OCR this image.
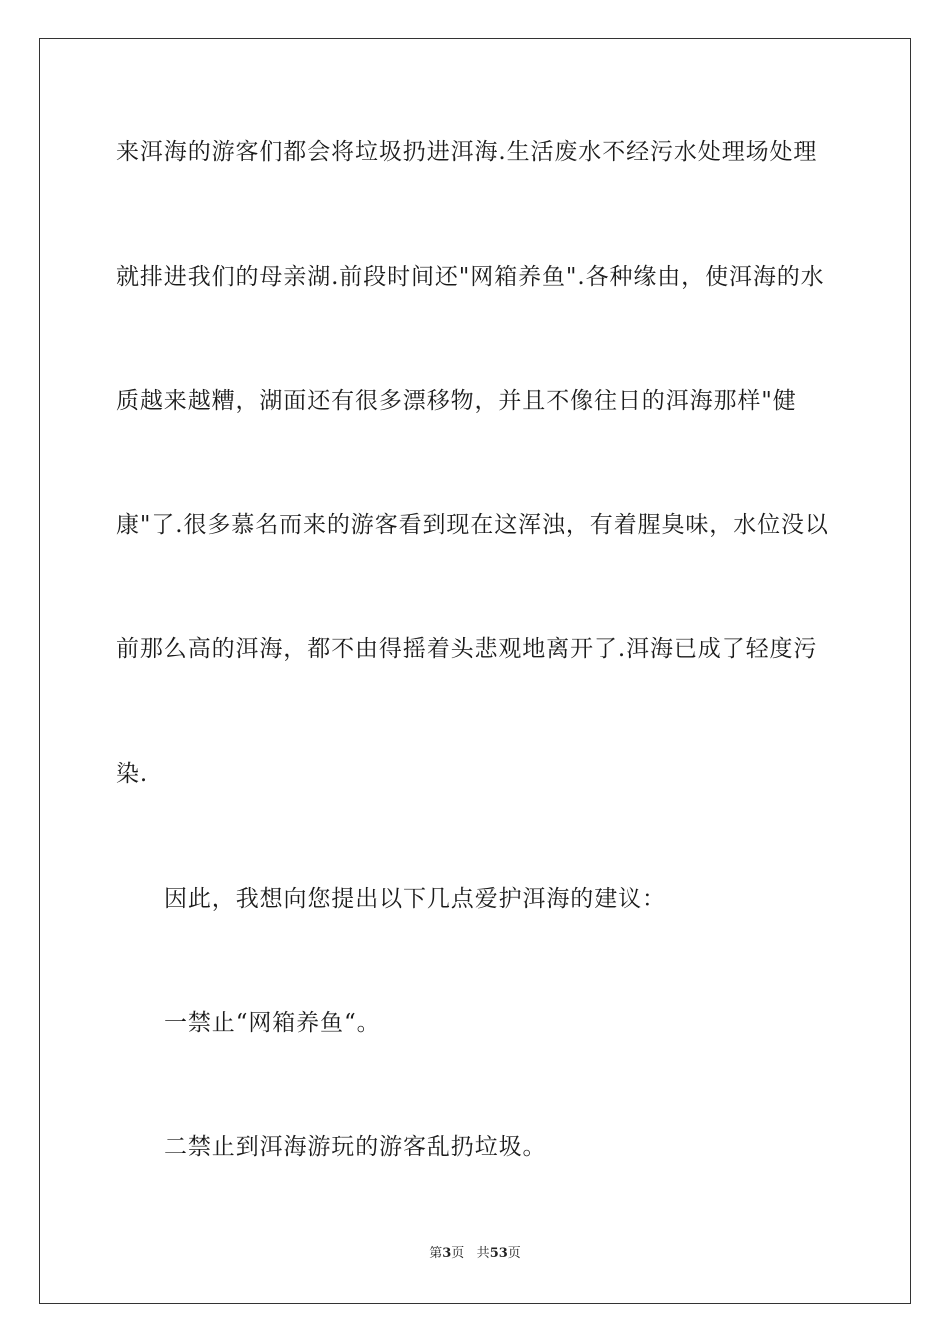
来洱海的游客们都会将垃圾扔进洱海.生活废水不经污水处理场处理
就排进我们的母亲湖.前段时间还"网箱养鱼".各种缘由，使洱海的水
质越来越糟，湖面还有很多漂移物，并且不像往日的洱海那样"健
康"了.很多慕名而来的游客看到现在这浑浊，有着腥臭味，水位没以
前那么高的洱海，都不由得摇着头悲观地离开了.洱海已成了轻度污
染.
因此，我想向您提出以下几点爱护洱海的建议：
一禁止“网箱养鱼“。
二禁止到洱海游玩的游客乱扔垃圾。
第3页 共53页
